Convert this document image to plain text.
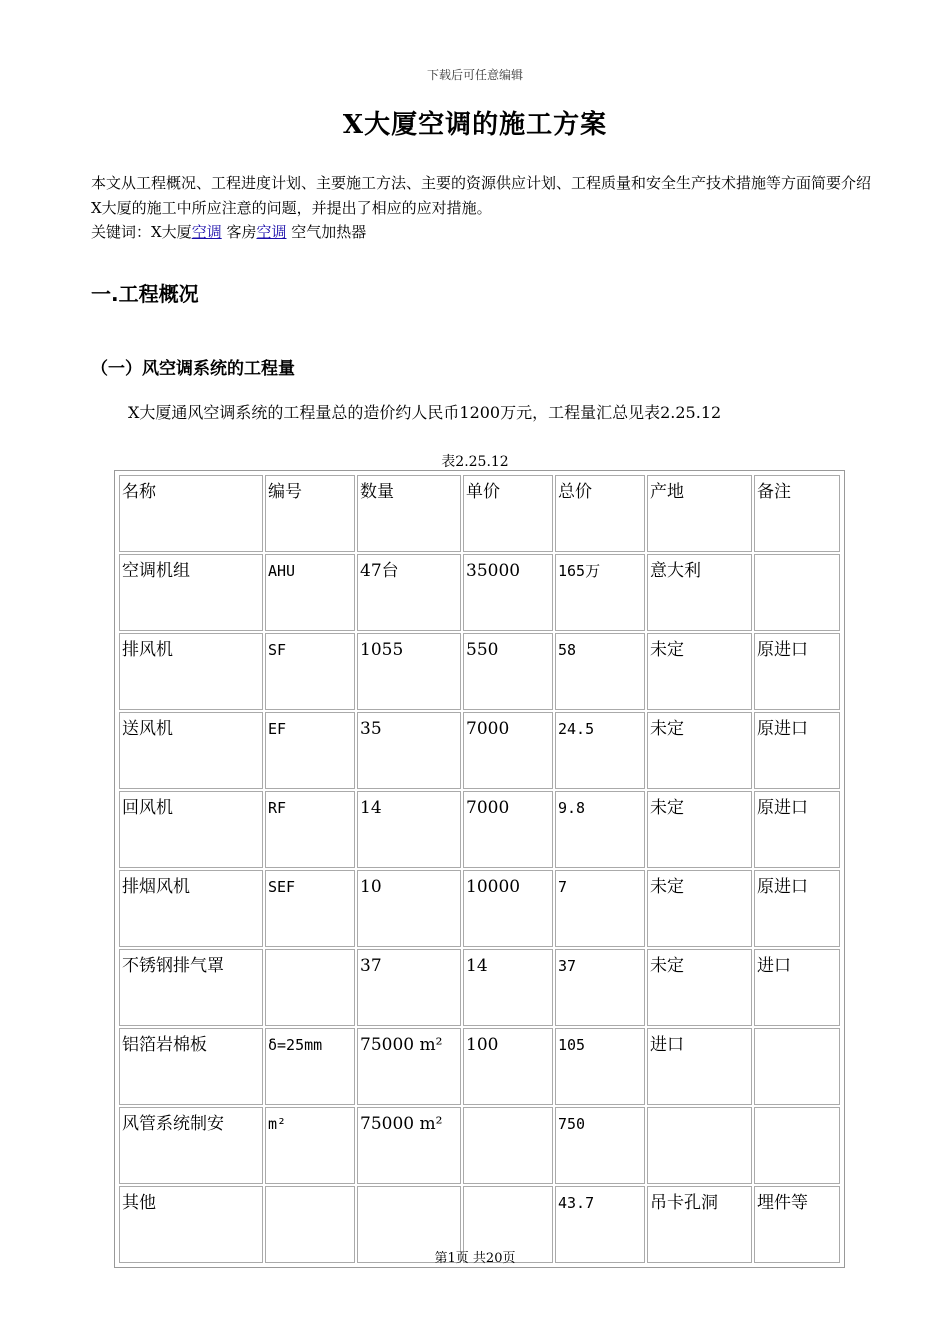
下载后可任意编辑
X大厦空调的施工方案
本文从工程概况、工程进度计划、主要施工方法、主要的资源供应计划、工程质量和安全生产技术措施等方面简要介绍X大厦的施工中所应注意的问题，并提出了相应的应对措施。
关键词：X大厦空调 客房空调 空气加热器
一.工程概况
（一）风空调系统的工程量
X大厦通风空调系统的工程量总的造价约人民币1200万元，工程量汇总见表2.25.12
表2.25.12
名称	编号	数量	单价	总价	产地	备注
空调机组	AHU	47台	35000	165万	意大利	
排风机	SF	1055	550	58	未定	原进口
送风机	EF	35	7000	24.5	未定	原进口
回风机	RF	14	7000	9.8	未定	原进口
排烟风机	SEF	10	10000	7	未定	原进口
不锈钢排气罩		37	14	37	未定	进口
铝箔岩棉板	δ=25mm	75000 m²	100	105	进口	
风管系统制安	m²	75000 m²		750		
其他				43.7	吊卡孔洞	埋件等
第1页 共20页
